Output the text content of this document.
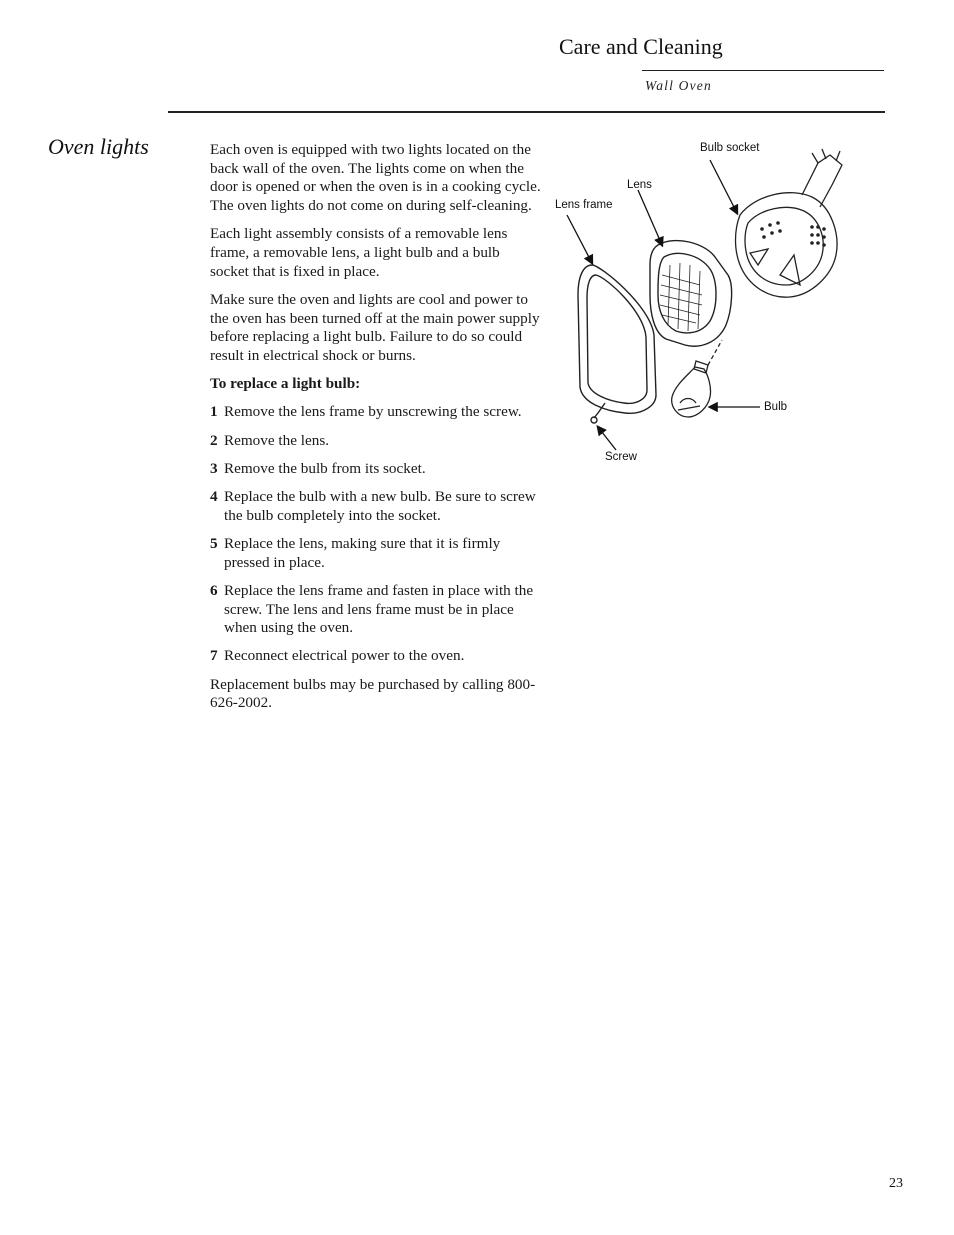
Care and Cleaning
Wall Oven
Oven lights	Each oven is equipped with two lights located on the back wall of the oven. The lights come on when the door is opened or when the oven is in a cooking cycle. The oven lights do not come on during self-cleaning.

Each light assembly consists of a removable lens frame, a removable lens, a light bulb and a bulb socket that is fixed in place.

Make sure the oven and lights are cool and power to the oven has been turned off at the main power supply before replacing a light bulb. Failure to do so could result in electrical shock or burns.

To replace a light bulb:
1 Remove the lens frame by unscrewing the screw.
2 Remove the lens.
3 Remove the bulb from its socket.
4 Replace the bulb with a new bulb. Be sure to screw the bulb completely into the socket.
5 Replace the lens, making sure that it is firmly pressed in place.
6 Replace the lens frame and fasten in place with the screw. The lens and lens frame must be in place when using the oven.
7 Reconnect electrical power to the oven.

Replacement bulbs may be purchased by calling 800-626-2002.

Bulb socket
Lens
Lens frame
Bulb
Screw
23
